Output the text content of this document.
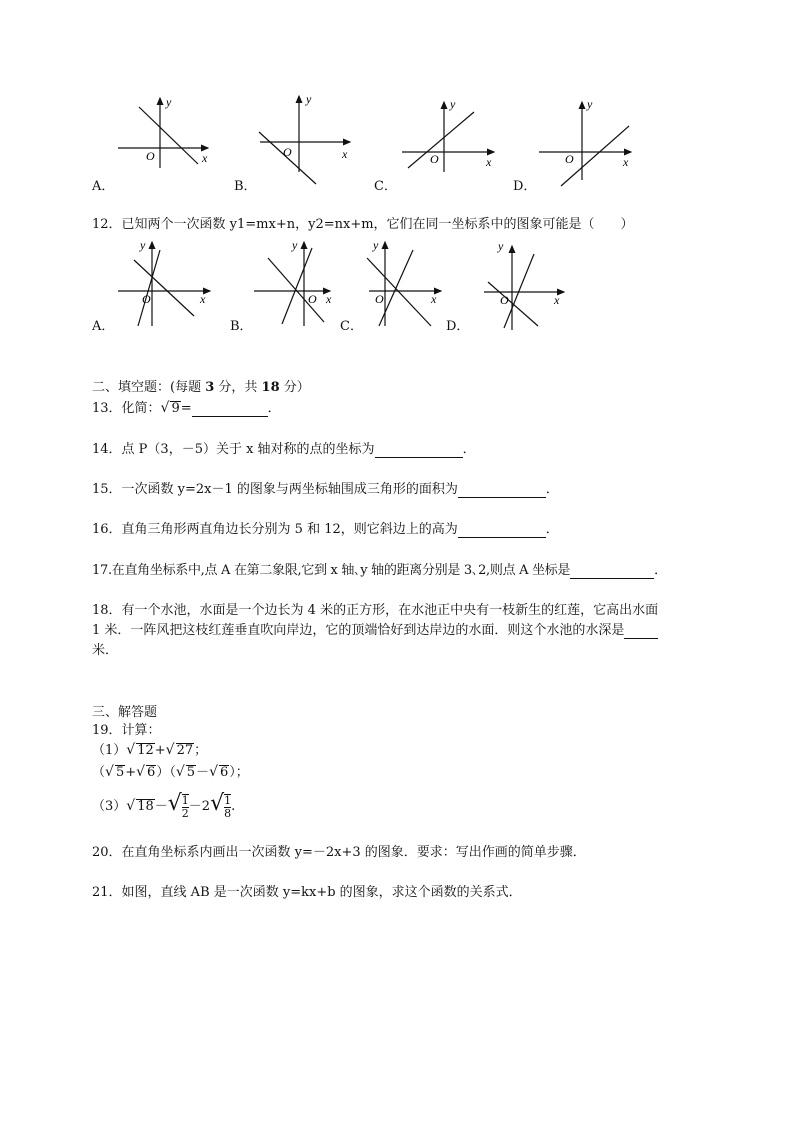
x
y
O	x
y
O
x
y
O	x
y
O
A．	B．	C．	D．
12．已知两个一次函数 y1=mx+n，y2=nx+m，它们在同一坐标系中的图象可能是（　　）
x
y
O	x
y
O	x
y
O	x
y
O
A．	B．	C．	D．
二、填空题：(每题 3 分，共 18 分）
13．化简：√ 9=	．
14．点 P（3，－5）关于 x 轴对称的点的坐标为	．
15．一次函数 y=2x－1 的图象与两坐标轴围成三角形的面积为	．
16．直角三角形两直角边长分别为 5 和 12，则它斜边上的高为	．
17.在直角坐标系中,点 A 在第二象限,它到 x 轴､y 轴的距离分别是 3､2,则点 A 坐标是	．
18．有一个水池，水面是一个边长为 4 米的正方形，在水池正中央有一枝新生的红莲，它高出水面
1 米．一阵风把这枝红莲垂直吹向岸边，它的顶端恰好到达岸边的水面．则这个水池的水深是
米．
三、解答题
19．计算：
（1）√ 12+√ 27；
（√ 5+√ 6）（√ 5－√ 6）；
（3）√ $18-√ \frac{1}{2} -2√ \frac{1}{8}$ .
20．在直角坐标系内画出一次函数 y=－2x+3 的图象．要求：写出作画的简单步骤．
21．如图，直线 AB 是一次函数 y=kx+b 的图象，求这个函数的关系式．
